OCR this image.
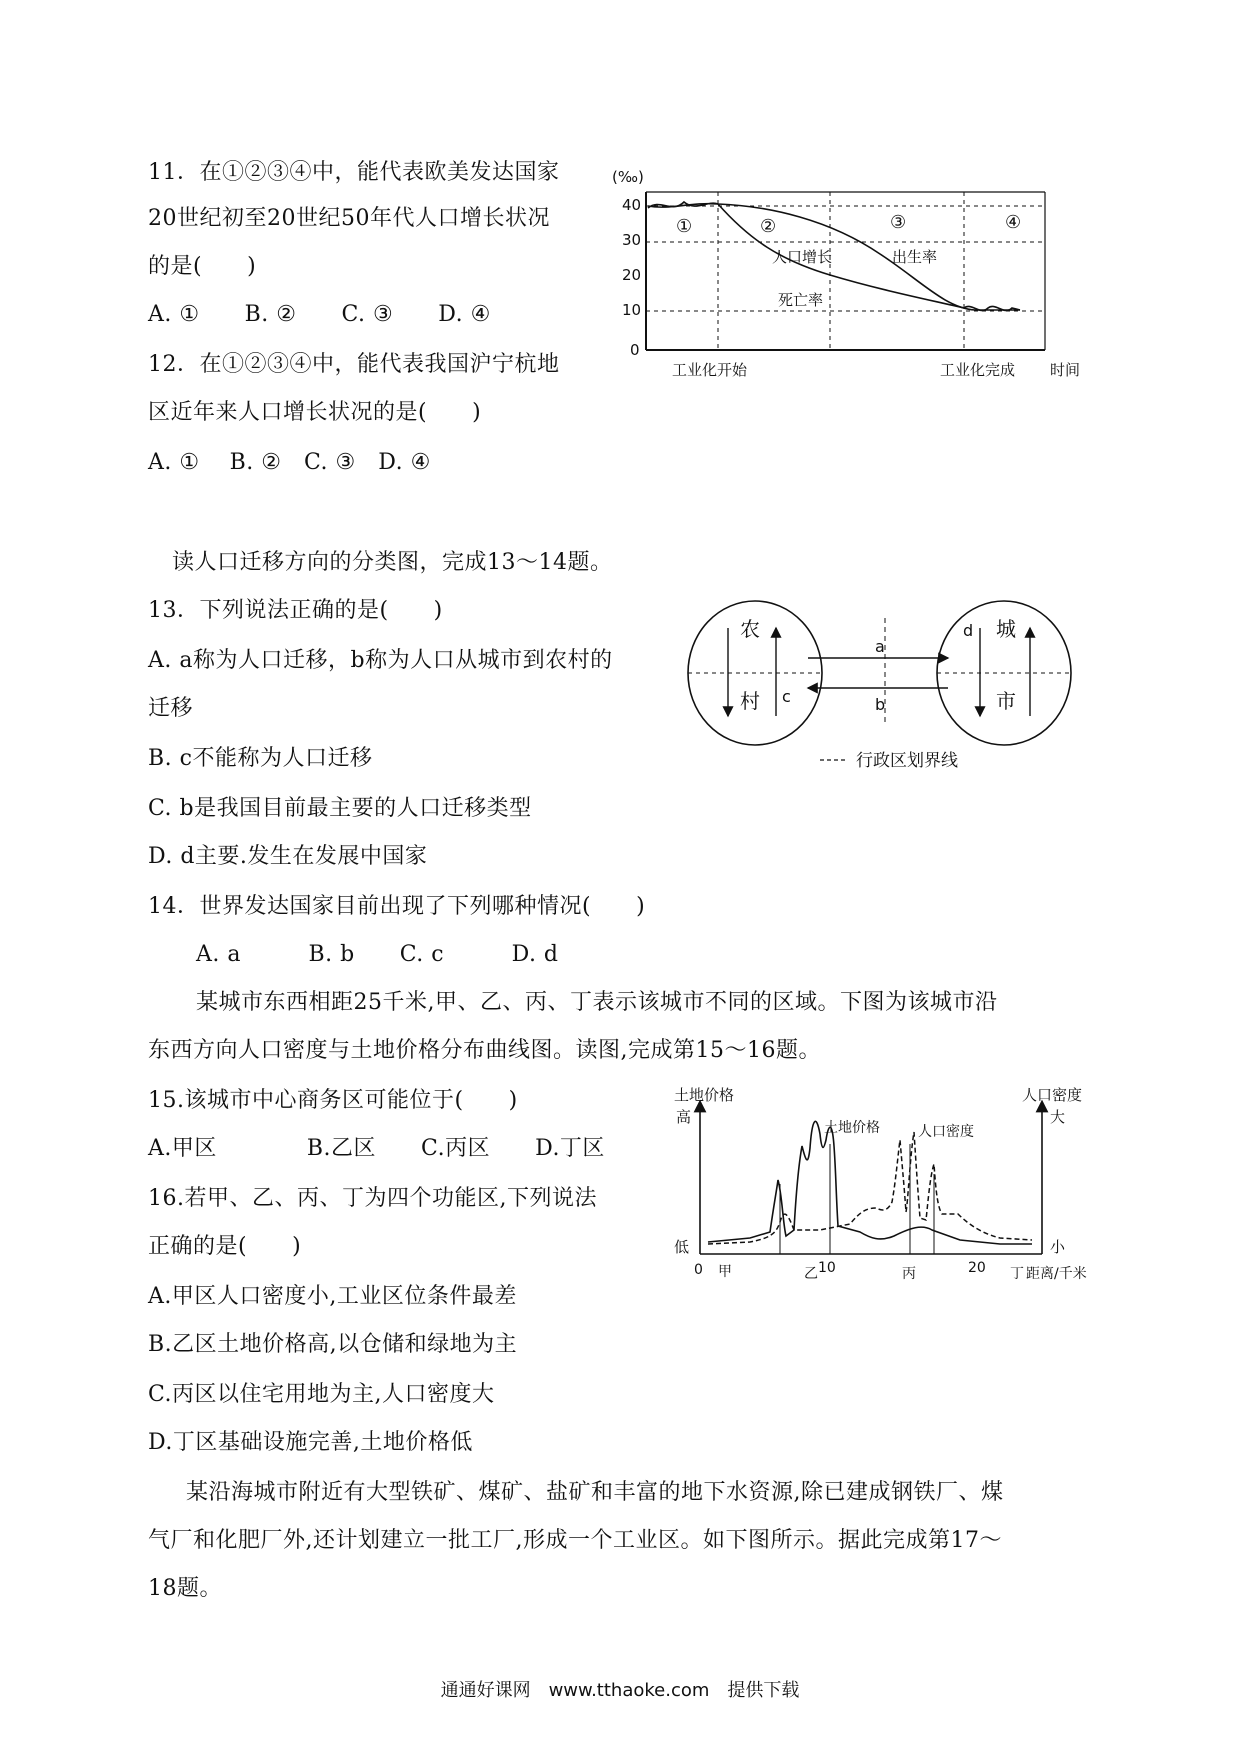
11．在①②③④中，能代表欧美发达国家
20世纪初至20世纪50年代人口增长状况
的是(　　)
A. ①　　B. ②　　C. ③　　D. ④
12．在①②③④中，能代表我国沪宁杭地
区近年来人口增长状况的是(　　)
A. ①　 B. ②　C. ③　D. ④
(‰)
40
30
20
10
0
①	②	③	④
人口增长	出生率
死亡率
工业化开始	工业化完成 时间
读人口迁移方向的分类图，完成13～14题。
13．下列说法正确的是(　　)
A. a称为人口迁移，b称为人口从城市到农村的
迁移
B. c不能称为人口迁移
C. b是我国目前最主要的人口迁移类型
D. d主要.发生在发展中国家
农
村 c
城
市
d
a
b
行政区划界线
14．世界发达国家目前出现了下列哪种情况(　　)
A. a　　　B. b　　C. c　　　D. d
某城市东西相距25千米,甲、乙、丙、丁表示该城市不同的区域。下图为该城市沿
东西方向人口密度与土地价格分布曲线图。读图,完成第15～16题。
15.该城市中心商务区可能位于(　　)
A.甲区　　　　B.乙区　　C.丙区　　D.丁区
16.若甲、乙、丙、丁为四个功能区,下列说法
正确的是(　　)
A.甲区人口密度小,工业区位条件最差
B.乙区土地价格高,以仓储和绿地为主
C.丙区以住宅用地为主,人口密度大
D.丁区基础设施完善,土地价格低
土地价格
高
低
人口密度
大
小
土地价格	人口密度
0 甲	乙 10	丙	20 丁 距离/千米
某沿海城市附近有大型铁矿、煤矿、盐矿和丰富的地下水资源,除已建成钢铁厂、煤
气厂和化肥厂外,还计划建立一批工厂,形成一个工业区。如下图所示。据此完成第17～
18题。
通通好课网　www.tthaoke.com　提供下载
